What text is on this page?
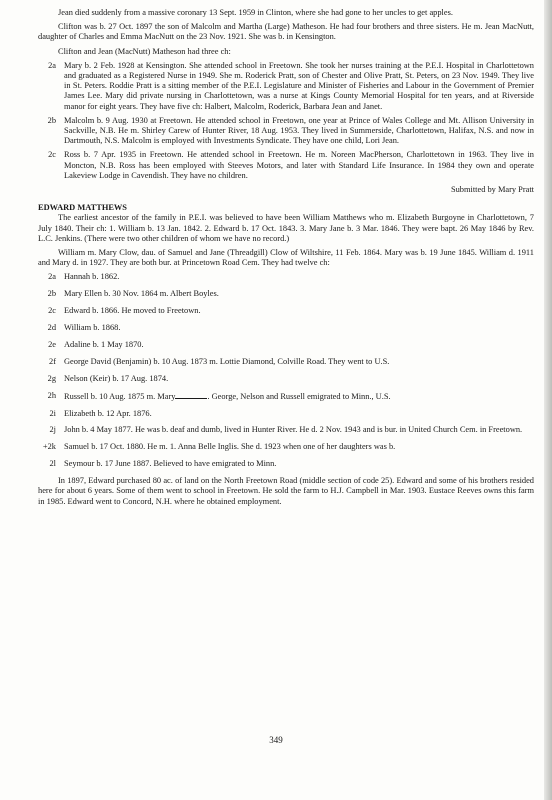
Jean died suddenly from a massive coronary 13 Sept. 1959 in Clinton, where she had gone to her uncles to get apples.

Clifton was b. 27 Oct. 1897 the son of Malcolm and Martha (Large) Matheson. He had four brothers and three sisters. He m. Jean MacNutt, daughter of Charles and Emma MacNutt on the 23 Nov. 1921. She was b. in Kensington.

Clifton and Jean (MacNutt) Matheson had three ch:

2a Mary b. 2 Feb. 1928 at Kensington. She attended school in Freetown. She took her nurses training at the P.E.I. Hospital in Charlottetown and graduated as a Registered Nurse in 1949. She m. Roderick Pratt, son of Chester and Olive Pratt, St. Peters, on 23 Nov. 1949. They live in St. Peters. Roddie Pratt is a sitting member of the P.E.I. Legislature and Minister of Fisheries and Labour in the Government of Premier James Lee. Mary did private nursing in Charlottetown, was a nurse at Kings County Memorial Hospital for ten years, and at Riverside manor for eight years. They have five ch: Halbert, Malcolm, Roderick, Barbara Jean and Janet.
2b Malcolm b. 9 Aug. 1930 at Freetown. He attended school in Freetown, one year at Prince of Wales College and Mt. Allison University in Sackville, N.B. He m. Shirley Carew of Hunter River, 18 Aug. 1953. They lived in Summerside, Charlottetown, Halifax, N.S. and now in Dartmouth, N.S. Malcolm is employed with Investments Syndicate. They have one child, Lori Jean.
2c Ross b. 7 Apr. 1935 in Freetown. He attended school in Freetown. He m. Noreen MacPherson, Charlottetown in 1963. They live in Moncton, N.B. Ross has been employed with Steeves Motors, and later with Standard Life Insurance. In 1984 they own and operate Lakeview Lodge in Cavendish. They have no children.

Submitted by Mary Pratt

EDWARD MATTHEWS

The earliest ancestor of the family in P.E.I. was believed to have been William Matthews who m. Elizabeth Burgoyne in Charlottetown, 7 July 1840. Their ch: 1. William b. 13 Jan. 1842. 2. Edward b. 17 Oct. 1843. 3. Mary Jane b. 3 Mar. 1846. They were bapt. 26 May 1846 by Rev. L.C. Jenkins. (There were two other children of whom we have no record.)

William m. Mary Clow, dau. of Samuel and Jane (Threadgill) Clow of Wiltshire, 11 Feb. 1864. Mary was b. 19 June 1845. William d. 1911 and Mary d. in 1927. They are both bur. at Princetown Road Cem. They had twelve ch:

2a Hannah b. 1862.
2b Mary Ellen b. 30 Nov. 1864 m. Albert Boyles.
2c Edward b. 1866. He moved to Freetown.
2d William b. 1868.
2e Adaline b. 1 May 1870.
2f George David (Benjamin) b. 10 Aug. 1873 m. Lottie Diamond, Colville Road. They went to U.S.
2g Nelson (Keir) b. 17 Aug. 1874.
2h Russell b. 10 Aug. 1875 m. Mary	. George, Nelson and Russell emigrated to Minn., U.S.
2i Elizabeth b. 12 Apr. 1876.
2j John b. 4 May 1877. He was b. deaf and dumb, lived in Hunter River. He d. 2 Nov. 1943 and is bur. in United Church Cem. in Freetown.
+2k Samuel b. 17 Oct. 1880. He m. 1. Anna Belle Inglis. She d. 1923 when one of her daughters was b.
2l Seymour b. 17 June 1887. Believed to have emigrated to Minn.

In 1897, Edward purchased 80 ac. of land on the North Freetown Road (middle section of code 25). Edward and some of his brothers resided here for about 6 years. Some of them went to school in Freetown. He sold the farm to H.J. Campbell in Mar. 1903. Eustace Reeves owns this farm in 1985. Edward went to Concord, N.H. where he obtained employment.

349
